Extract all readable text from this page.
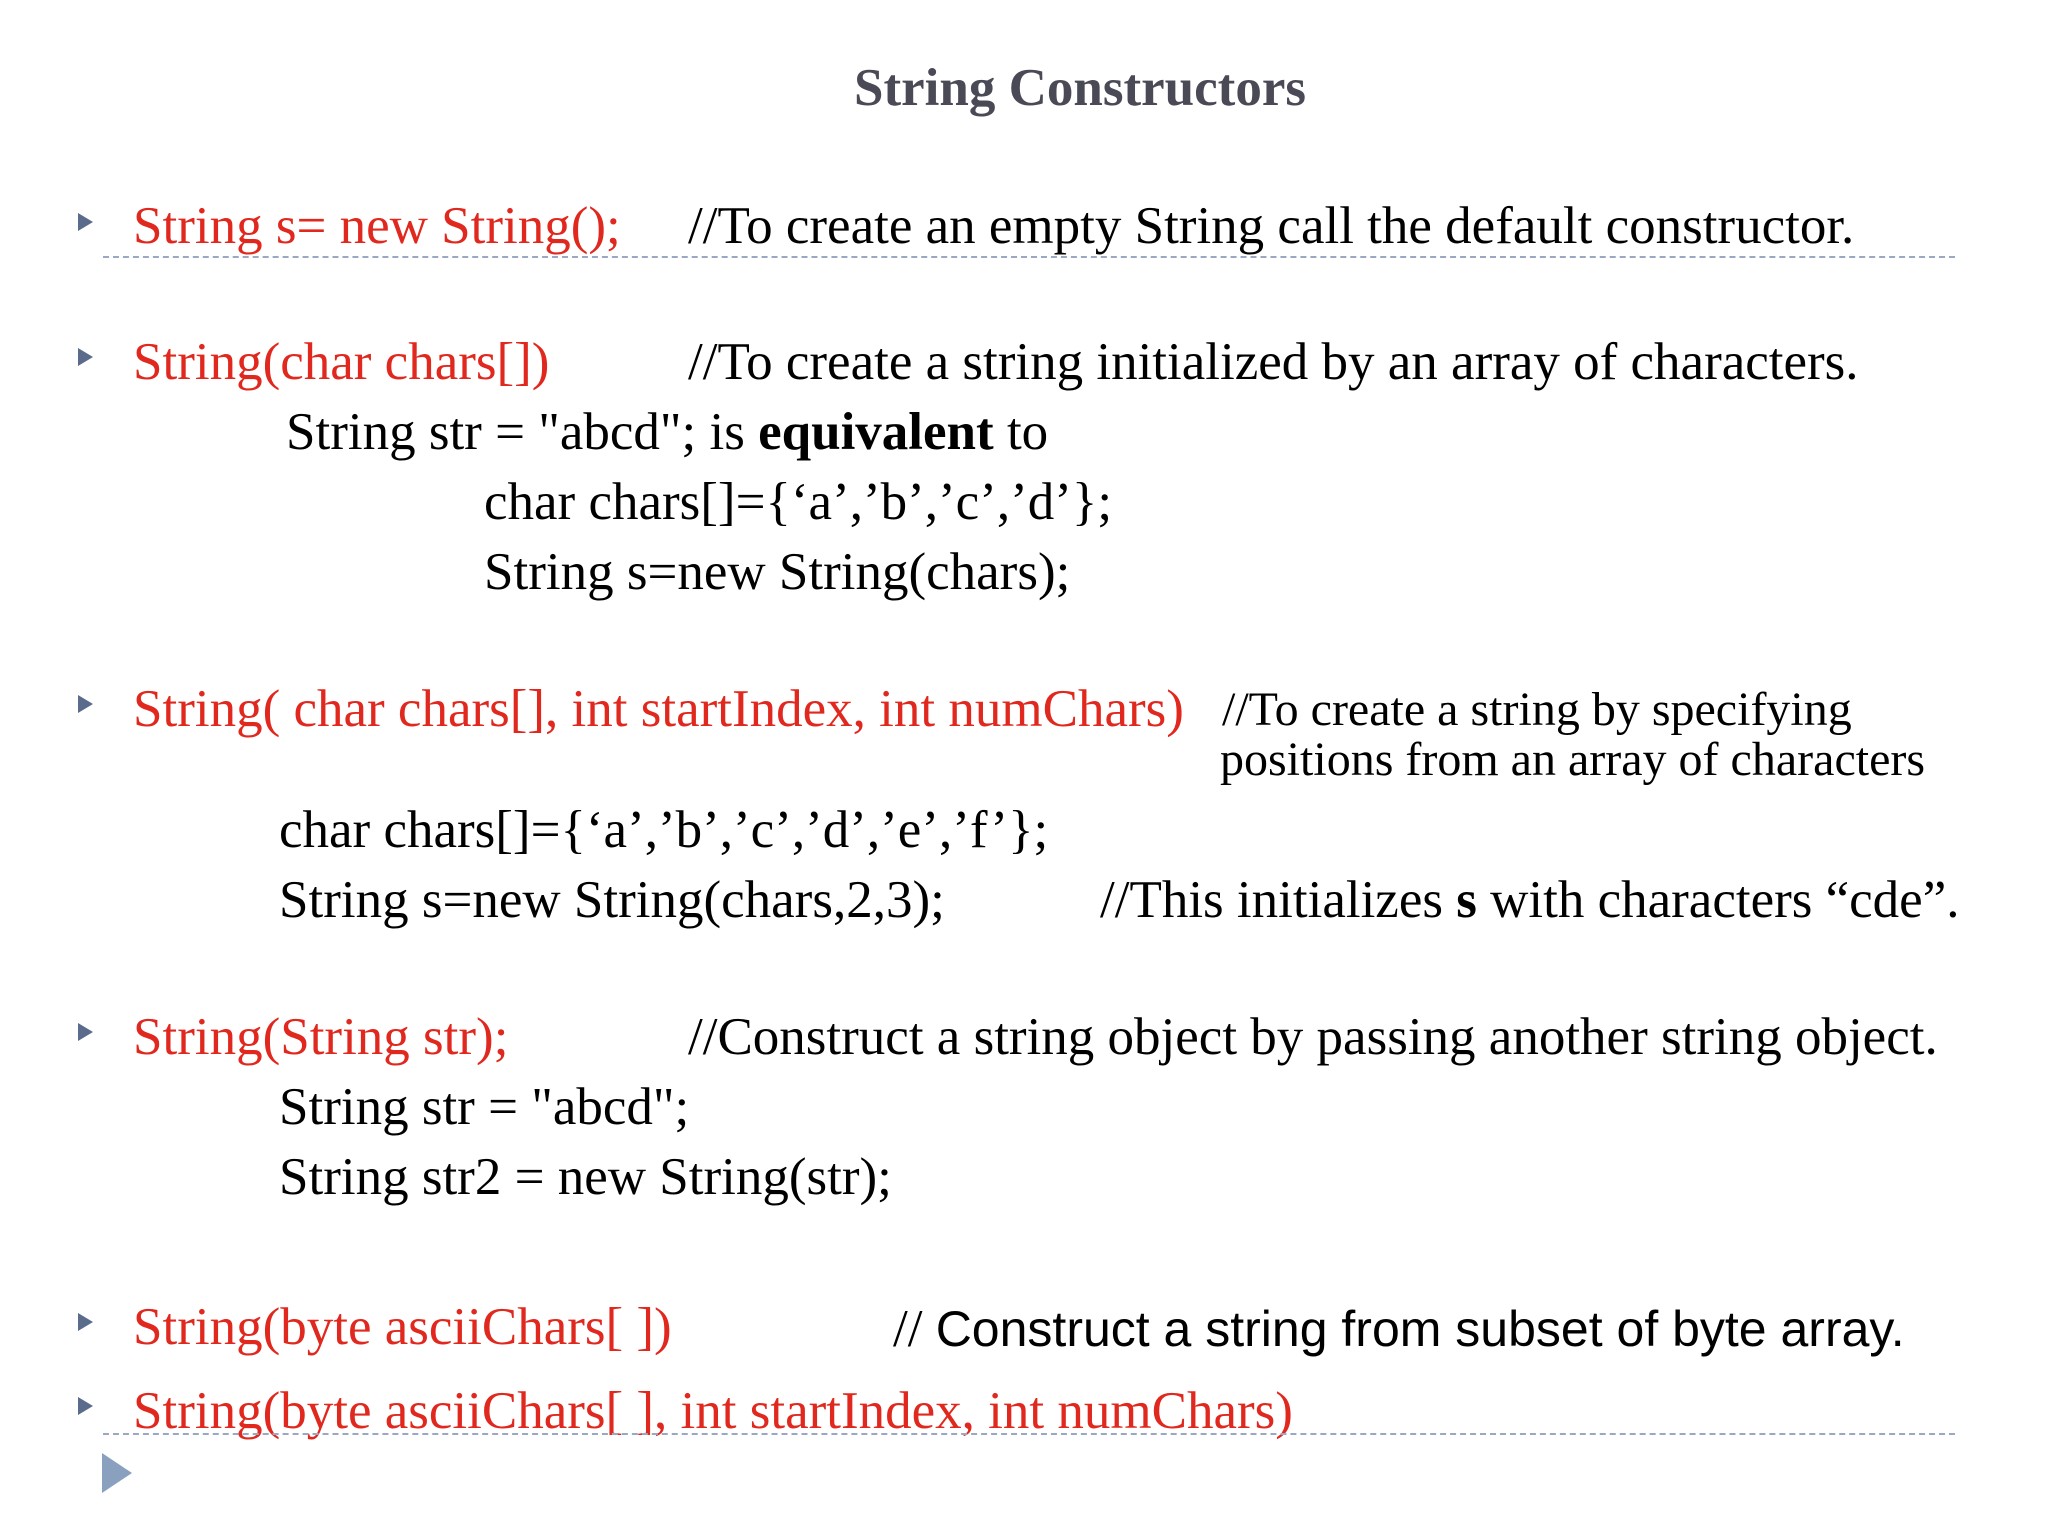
String Constructors
String s= new String(); //To create an empty String call the default constructor.
String(char chars[])	//To create a string initialized by an array of characters.
String str = "abcd"; is equivalent to
char chars[]={‘a’,’b’,’c’,’d’};
String s=new String(chars);
String( char chars[], int startIndex, int numChars) //To create a string by specifying
positions from an array of characters
char chars[]={‘a’,’b’,’c’,’d’,’e’,’f’};
String s=new String(chars,2,3);	//This initializes s with characters “cde”.
String(String str);	//Construct a string object by passing another string object.
String str = "abcd";
String str2 = new String(str);
String(byte asciiChars[ ])	// Construct a string from subset of byte array.
String(byte asciiChars[ ], int startIndex, int numChars)
